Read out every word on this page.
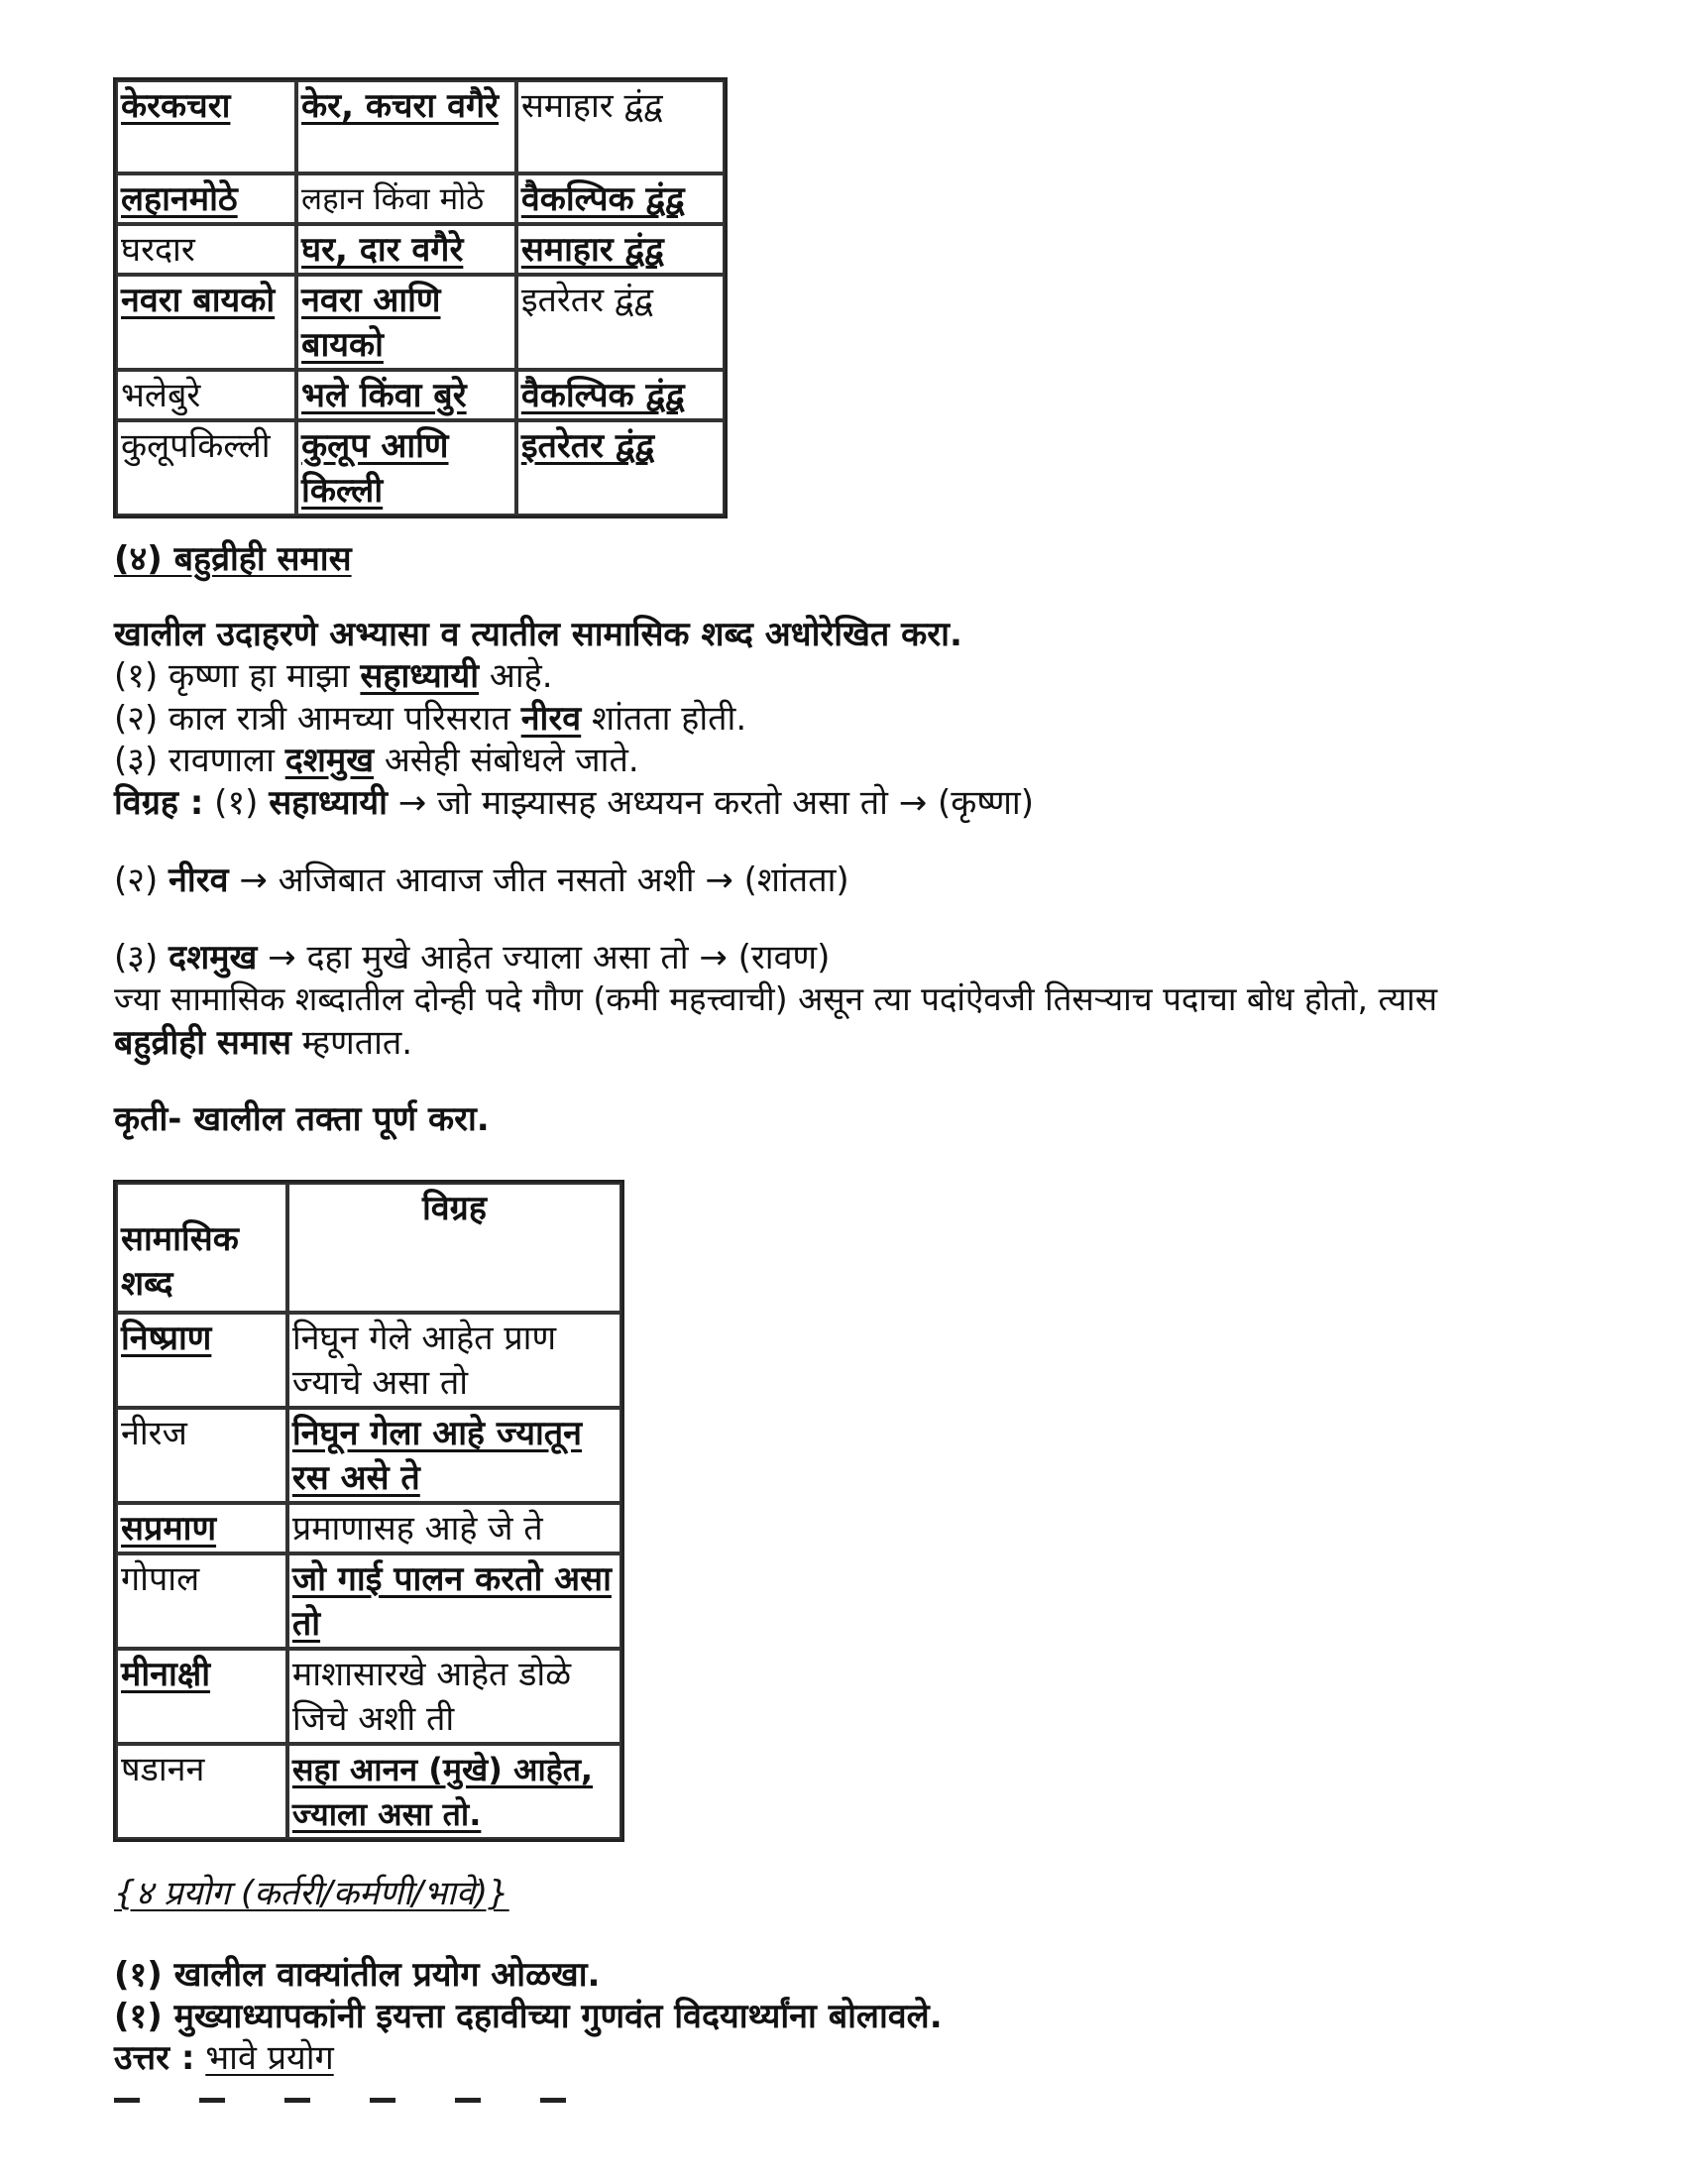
केरकचरा	केर, कचरा वगैरे	समाहार द्वंद्व
लहानमोठे	लहान किंवा मोठे	वैकल्पिक द्वंद्व
घरदार	घर, दार वगैरे	समाहार द्वंद्व
नवरा बायको	नवरा आणि बायको	इतरेतर द्वंद्व
भलेबुरे	भले किंवा बुरे	वैकल्पिक द्वंद्व
कुलूपकिल्ली	कुलूप आणि किल्ली	इतरेतर द्वंद्व
(४) बहुव्रीही समास
खालील उदाहरणे अभ्यासा व त्यातील सामासिक शब्द अधोरेखित करा.
(१) कृष्णा हा माझा सहाध्यायी आहे.
(२) काल रात्री आमच्या परिसरात नीरव शांतता होती.
(३) रावणाला दशमुख असेही संबोधले जाते.
विग्रह : (१) सहाध्यायी → जो माझ्यासह अध्ययन करतो असा तो → (कृष्णा)
(२) नीरव → अजिबात आवाज जीत नसतो अशी → (शांतता)
(३) दशमुख → दहा मुखे आहेत ज्याला असा तो → (रावण)
ज्या सामासिक शब्दातील दोन्ही पदे गौण (कमी महत्त्वाची) असून त्या पदांऐवजी तिसऱ्याच पदाचा बोध होतो, त्यास
बहुव्रीही समास म्हणतात.
कृती- खालील तक्ता पूर्ण करा.
सामासिक शब्द	विग्रह
निष्प्राण	निघून गेले आहेत प्राण ज्याचे असा तो
नीरज	निघून गेला आहे ज्यातून रस असे ते
सप्रमाण	प्रमाणासह आहे जे ते
गोपाल	जो गाई पालन करतो असा तो
मीनाक्षी	माशासारखे आहेत डोळे जिचे अशी ती
षडानन	सहा आनन (मुखे) आहेत, ज्याला असा तो.
{४ प्रयोग (कर्तरी/कर्मणी/भावे)}
(१) खालील वाक्यांतील प्रयोग ओळखा.
(१) मुख्याध्यापकांनी इयत्ता दहावीच्या गुणवंत विदयार्थ्यांना बोलावले.
उत्तर : भावे प्रयोग
